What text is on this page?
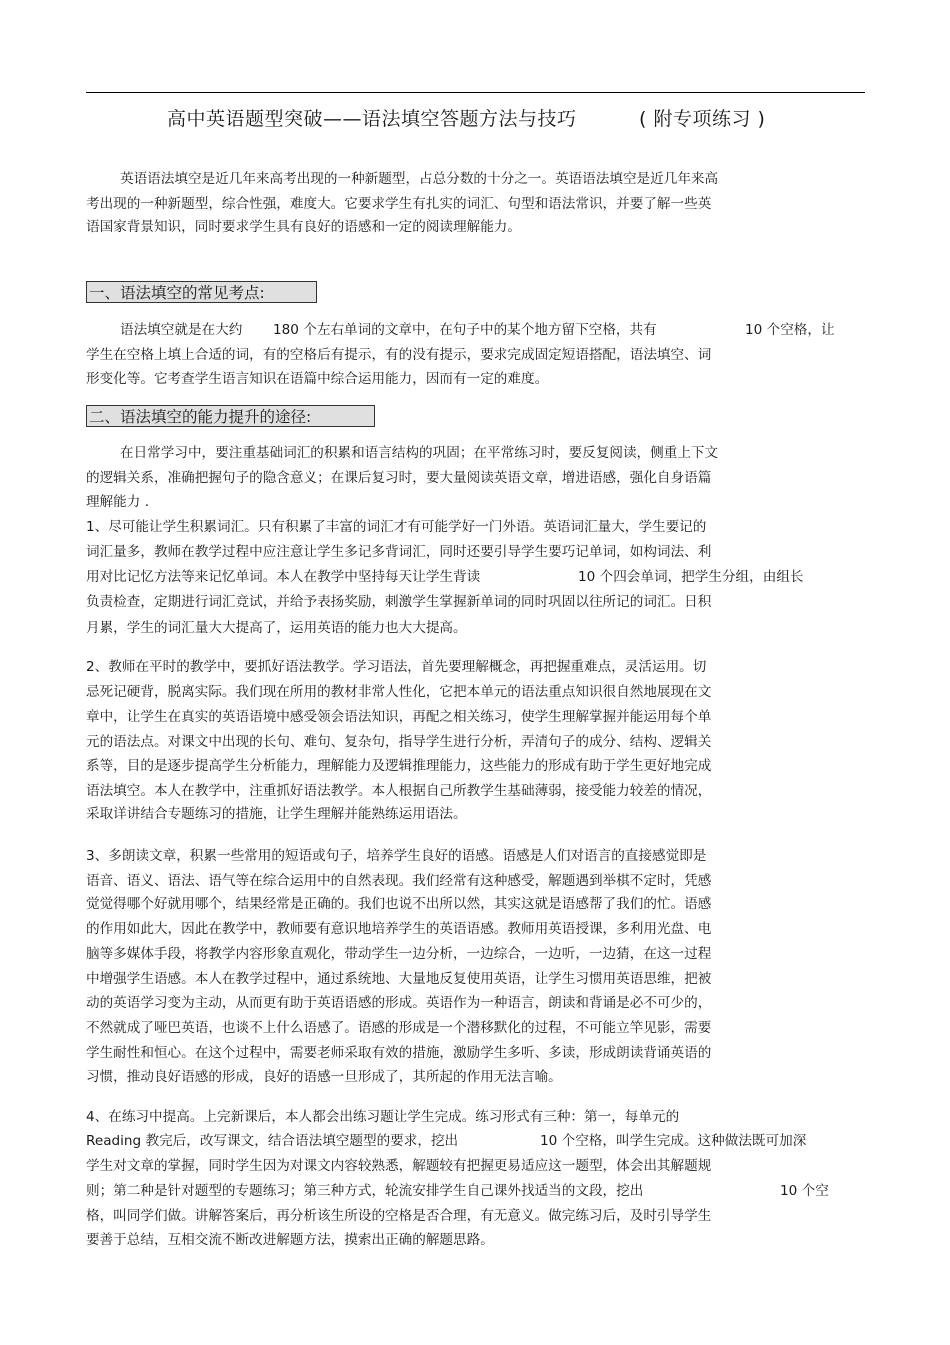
高中英语题型突破——语法填空答题方法与技巧	( 附专项练习 )
英语语法填空是近几年来高考出现的一种新题型，占总分数的十分之一。英语语法填空是近几年来高
考出现的一种新题型，综合性强，难度大。它要求学生有扎实的词汇、句型和语法常识，并要了解一些英
语国家背景知识，同时要求学生具有良好的语感和一定的阅读理解能力。
一、语法填空的常见考点:
语法填空就是在大约 180 个左右单词的文章中，在句子中的某个地方留下空格，共有	10 个空格，让
学生在空格上填上合适的词，有的空格后有提示，有的没有提示，要求完成固定短语搭配，语法填空、词
形变化等。它考查学生语言知识在语篇中综合运用能力，因而有一定的难度。
二、语法填空的能力提升的途径:
在日常学习中，要注重基础词汇的积累和语言结构的巩固；在平常练习时，要反复阅读，侧重上下文
的逻辑关系，准确把握句子的隐含意义；在课后复习时，要大量阅读英语文章，增进语感，强化自身语篇
理解能力 .
1、尽可能让学生积累词汇。只有积累了丰富的词汇才有可能学好一门外语。英语词汇量大，学生要记的
词汇量多，教师在教学过程中应注意让学生多记多背词汇，同时还要引导学生要巧记单词，如构词法、利
用对比记忆方法等来记忆单词。本人在教学中坚持每天让学生背读	10 个四会单词，把学生分组，由组长
负责检查，定期进行词汇竞试，并给予表扬奖励，刺激学生掌握新单词的同时巩固以往所记的词汇。日积
月累，学生的词汇量大大提高了，运用英语的能力也大大提高。
2、教师在平时的教学中，要抓好语法教学。学习语法，首先要理解概念，再把握重难点，灵活运用。切
忌死记硬背，脱离实际。我们现在所用的教材非常人性化，它把本单元的语法重点知识很自然地展现在文
章中，让学生在真实的英语语境中感受领会语法知识，再配之相关练习，使学生理解掌握并能运用每个单
元的语法点。对课文中出现的长句、难句、复杂句，指导学生进行分析，弄清句子的成分、结构、逻辑关
系等，目的是逐步提高学生分析能力，理解能力及逻辑推理能力，这些能力的形成有助于学生更好地完成
语法填空。本人在教学中，注重抓好语法教学。本人根据自己所教学生基础薄弱，接受能力较差的情况，
采取详讲结合专题练习的措施，让学生理解并能熟练运用语法。
3、多朗读文章，积累一些常用的短语或句子，培养学生良好的语感。语感是人们对语言的直接感觉即是
语音、语义、语法、语气等在综合运用中的自然表现。我们经常有这种感受，解题遇到举棋不定时，凭感
觉觉得哪个好就用哪个，结果经常是正确的。我们也说不出所以然，其实这就是语感帮了我们的忙。语感
的作用如此大，因此在教学中，教师要有意识地培养学生的英语语感。教师用英语授课，多利用光盘、电
脑等多媒体手段，将教学内容形象直观化，带动学生一边分析，一边综合，一边听，一边猜，在这一过程
中增强学生语感。本人在教学过程中，通过系统地、大量地反复使用英语，让学生习惯用英语思维，把被
动的英语学习变为主动，从而更有助于英语语感的形成。英语作为一种语言，朗读和背诵是必不可少的，
不然就成了哑巴英语，也谈不上什么语感了。语感的形成是一个潜移默化的过程，不可能立竿见影，需要
学生耐性和恒心。在这个过程中，需要老师采取有效的措施，激励学生多听、多读，形成朗读背诵英语的
习惯，推动良好语感的形成，良好的语感一旦形成了，其所起的作用无法言喻。
4、在练习中提高。上完新课后，本人都会出练习题让学生完成。练习形式有三种：第一，每单元的
Reading 教完后，改写课文，结合语法填空题型的要求，挖出	10 个空格，叫学生完成。这种做法既可加深
学生对文章的掌握，同时学生因为对课文内容较熟悉，解题较有把握更易适应这一题型，体会出其解题规
则；第二种是针对题型的专题练习；第三种方式，轮流安排学生自己课外找适当的文段，挖出	10 个空
格，叫同学们做。讲解答案后，再分析该生所设的空格是否合理，有无意义。做完练习后，及时引导学生
要善于总结，互相交流不断改进解题方法，摸索出正确的解题思路。
